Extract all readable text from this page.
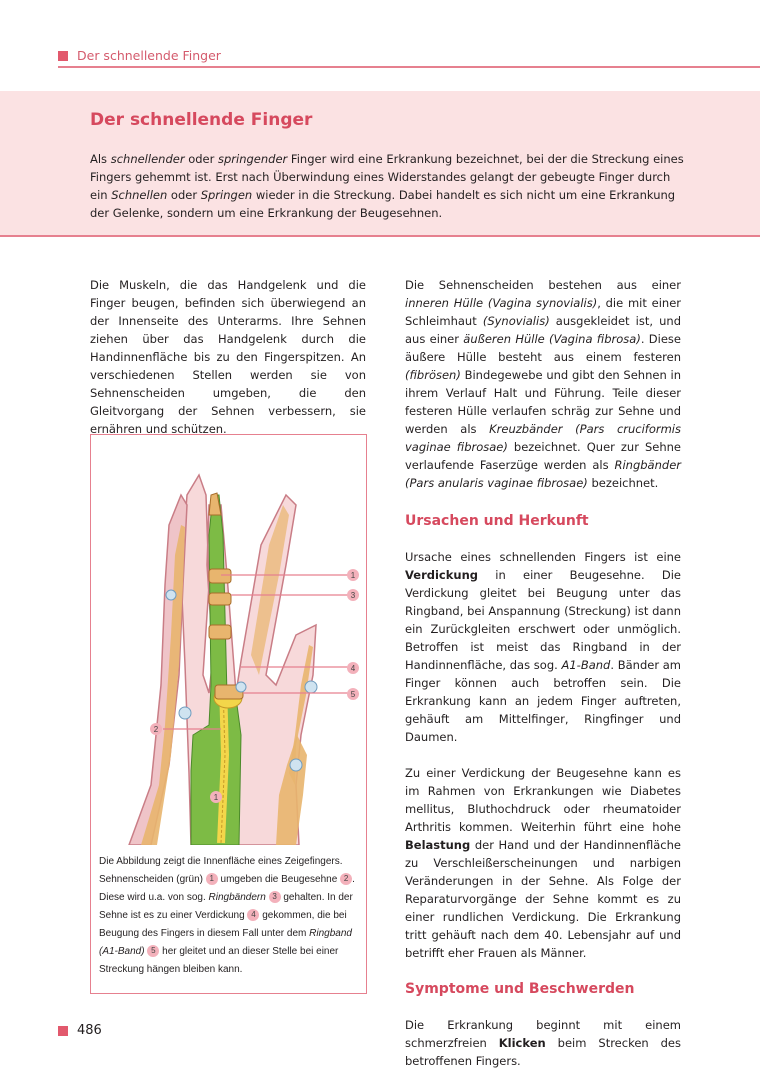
Der schnellende Finger
Der schnellende Finger

Als schnellender oder springender Finger wird eine Erkrankung bezeichnet, bei der die Streckung eines Fingers gehemmt ist. Erst nach Überwindung eines Widerstandes gelangt der gebeugte Finger durch ein Schnellen oder Springen wieder in die Streckung. Dabei handelt es sich nicht um eine Erkrankung der Gelenke, sondern um eine Erkrankung der Beugesehnen.

Die Muskeln, die das Handgelenk und die Finger beugen, befinden sich überwiegend an der Innenseite des Unterarms. Ihre Sehnen ziehen über das Handgelenk durch die Handinnenfläche bis zu den Fingerspitzen. An verschiedenen Stellen werden sie von Sehnenscheiden umgeben, die den Gleitvorgang der Sehnen verbessern, sie ernähren und schützen.

1
3
4
5
2
1

Die Abbildung zeigt die Innenfläche eines Zeigefingers. Sehnenscheiden (grün) 1 umgeben die Beugesehne 2 . Diese wird u.a. von sog. Ringbändern 3 gehalten. In der Sehne ist es zu einer Verdickung 4 gekommen, die bei Beugung des Fingers in diesem Fall unter dem Ringband (A1-Band) 5 her gleitet und an dieser Stelle bei einer Streckung hängen bleiben kann.

Die Sehnenscheiden bestehen aus einer inneren Hülle (Vagina synovialis), die mit einer Schleimhaut (Synovialis) ausgekleidet ist, und aus einer äußeren Hülle (Vagina fibrosa). Diese äußere Hülle besteht aus einem festeren (fibrösen) Bindegewebe und gibt den Sehnen in ihrem Verlauf Halt und Führung. Teile dieser festeren Hülle verlaufen schräg zur Sehne und werden als Kreuzbänder (Pars cruciformis vaginae fibrosae) bezeichnet. Quer zur Sehne verlaufende Faserzüge werden als Ringbänder (Pars anularis vaginae fibrosae) bezeichnet.

Ursachen und Herkunft

Ursache eines schnellenden Fingers ist eine Verdickung in einer Beugesehne. Die Verdickung gleitet bei Beugung unter das Ringband, bei Anspannung (Streckung) ist dann ein Zurückgleiten erschwert oder unmöglich. Betroffen ist meist das Ringband in der Handinnenfläche, das sog. A1-Band. Bänder am Finger können auch betroffen sein. Die Erkrankung kann an jedem Finger auftreten, gehäuft am Mittelfinger, Ringfinger und Daumen.

Zu einer Verdickung der Beugesehne kann es im Rahmen von Erkrankungen wie Diabetes mellitus, Bluthochdruck oder rheumatoider Arthritis kommen. Weiterhin führt eine hohe Belastung der Hand und der Handinnenfläche zu Verschleißerscheinungen und narbigen Veränderungen in der Sehne. Als Folge der Reparaturvorgänge der Sehne kommt es zu einer rundlichen Verdickung. Die Erkrankung tritt gehäuft nach dem 40. Lebensjahr auf und betrifft eher Frauen als Männer.

Symptome und Beschwerden

Die Erkrankung beginnt mit einem schmerzfreien Klicken beim Strecken des betroffenen Fingers.

486
